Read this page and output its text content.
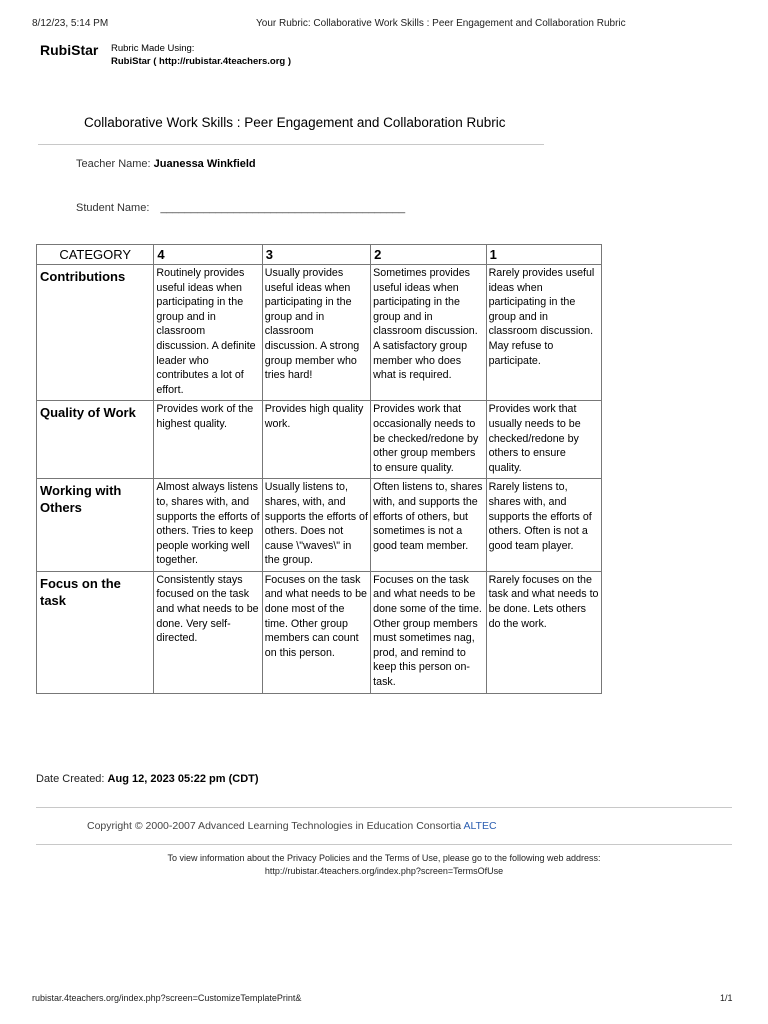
8/12/23, 5:14 PM	Your Rubric: Collaborative Work Skills : Peer Engagement and Collaboration Rubric
RubiStar Rubric Made Using:
RubiStar ( http://rubistar.4teachers.org )
Collaborative Work Skills : Peer Engagement and Collaboration Rubric
Teacher Name: Juanessa Winkfield
Student Name: ________________________________________
CATEGORY	4	3	2	1
Contributions	Routinely provides useful ideas when participating in the group and in classroom discussion. A definite leader who contributes a lot of effort.	Usually provides useful ideas when participating in the group and in classroom discussion. A strong group member who tries hard!	Sometimes provides useful ideas when participating in the group and in classroom discussion. A satisfactory group member who does what is required.	Rarely provides useful ideas when participating in the group and in classroom discussion. May refuse to participate.
Quality of Work	Provides work of the highest quality.	Provides high quality work.	Provides work that occasionally needs to be checked/redone by other group members to ensure quality.	Provides work that usually needs to be checked/redone by others to ensure quality.
Working with Others	Almost always listens to, shares with, and supports the efforts of others. Tries to keep people working well together.	Usually listens to, shares, with, and supports the efforts of others. Does not cause \"waves\" in the group.	Often listens to, shares with, and supports the efforts of others, but sometimes is not a good team member.	Rarely listens to, shares with, and supports the efforts of others. Often is not a good team player.
Focus on the task	Consistently stays focused on the task and what needs to be done. Very self-directed.	Focuses on the task and what needs to be done most of the time. Other group members can count on this person.	Focuses on the task and what needs to be done some of the time. Other group members must sometimes nag, prod, and remind to keep this person on-task.	Rarely focuses on the task and what needs to be done. Lets others do the work.
Date Created: Aug 12, 2023 05:22 pm (CDT)
Copyright © 2000-2007 Advanced Learning Technologies in Education Consortia ALTEC
To view information about the Privacy Policies and the Terms of Use, please go to the following web address:
http://rubistar.4teachers.org/index.php?screen=TermsOfUse
rubistar.4teachers.org/index.php?screen=CustomizeTemplatePrint&	1/1
